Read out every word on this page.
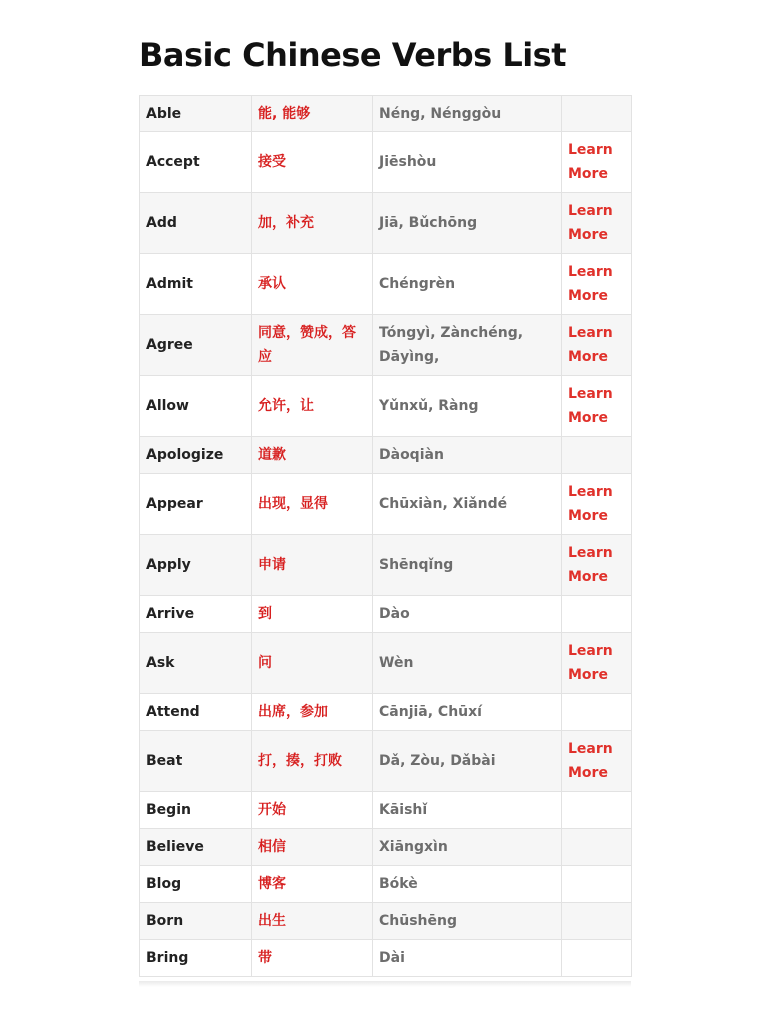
Basic Chinese Verbs List
Able	能, 能够	Néng, Nénggòu	
Accept	接受	Jiēshòu	Learn More
Add	加，补充	Jiā, Bǔchōng	Learn More
Admit	承认	Chéngrèn	Learn More
Agree	同意，赞成，答应	Tóngyì, Zànchéng, Dāyìng,	Learn More
Allow	允许，让	Yǔnxǔ, Ràng	Learn More
Apologize	道歉	Dàoqiàn	
Appear	出现，显得	Chūxiàn, Xiǎndé	Learn More
Apply	申请	Shēnqǐng	Learn More
Arrive	到	Dào	
Ask	问	Wèn	Learn More
Attend	出席，参加	Cānjiā, Chūxí	
Beat	打，揍，打败	Dǎ, Zòu, Dǎbài	Learn More
Begin	开始	Kāishǐ	
Believe	相信	Xiāngxìn	
Blog	博客	Bókè	
Born	出生	Chūshēng	
Bring	带	Dài	
